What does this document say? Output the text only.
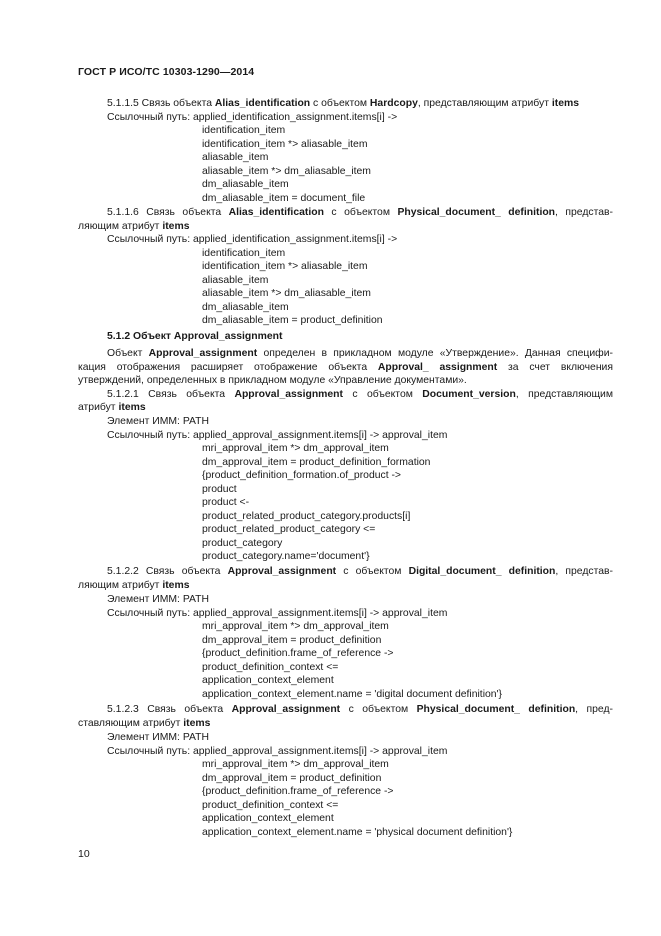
ГОСТ Р ИСО/ТС 10303-1290—2014
5.1.1.5 Связь объекта Alias_identification с объектом Hardcopy, представляющим атрибут items
Ссылочный путь: applied_identification_assignment.items[i] ->
identification_item
identification_item *> aliasable_item
aliasable_item
aliasable_item *> dm_aliasable_item
dm_aliasable_item
dm_aliasable_item = document_file
5.1.1.6 Связь объекта Alias_identification с объектом Physical_document_ definition, представ-
ляющим атрибут items
Ссылочный путь: applied_identification_assignment.items[i] ->
identification_item
identification_item *> aliasable_item
aliasable_item
aliasable_item *> dm_aliasable_item
dm_aliasable_item
dm_aliasable_item = product_definition
5.1.2 Объект Approval_assignment
Объект Approval_assignment определен в прикладном модуле «Утверждение». Данная специфи-
кация отображения расширяет отображение объекта Approval_ assignment за счет включения
утверждений, определенных в прикладном модуле «Управление документами».
5.1.2.1 Связь объекта Approval_assignment с объектом Document_version, представляющим
атрибут items
Элемент ИММ: PATH
Ссылочный путь: applied_approval_assignment.items[i] -> approval_item
mri_approval_item *> dm_approval_item
dm_approval_item = product_definition_formation
{product_definition_formation.of_product ->
product
product <-
product_related_product_category.products[i]
product_related_product_category <=
product_category
product_category.name='document'}
5.1.2.2 Связь объекта Approval_assignment с объектом Digital_document_ definition, представ-
ляющим атрибут items
Элемент ИММ: PATH
Ссылочный путь: applied_approval_assignment.items[i] -> approval_item
mri_approval_item *> dm_approval_item
dm_approval_item = product_definition
{product_definition.frame_of_reference ->
product_definition_context <=
application_context_element
application_context_element.name = 'digital document definition'}
5.1.2.3 Связь объекта Approval_assignment с объектом Physical_document_ definition, пред-
ставляющим атрибут items
Элемент ИММ: PATH
Ссылочный путь: applied_approval_assignment.items[i] -> approval_item
mri_approval_item *> dm_approval_item
dm_approval_item = product_definition
{product_definition.frame_of_reference ->
product_definition_context <=
application_context_element
application_context_element.name = 'physical document definition'}
10
